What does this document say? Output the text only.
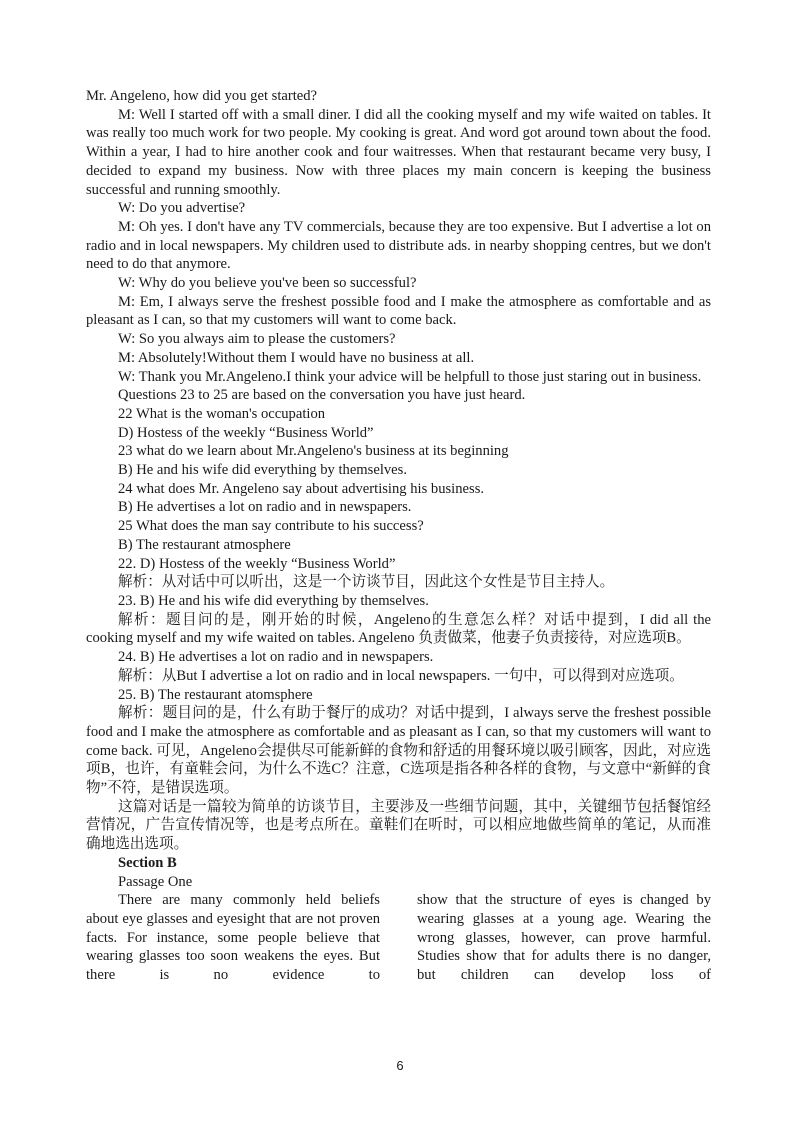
Mr. Angeleno, how did you get started?

M: Well I started off with a small diner. I did all the cooking myself and my wife waited on tables. It was really too much work for two people. My cooking is great. And word got around town about the food. Within a year, I had to hire another cook and four waitresses. When that restaurant became very busy, I decided to expand my business. Now with three places my main concern is keeping the business successful and running smoothly.

W: Do you advertise?

M: Oh yes. I don't have any TV commercials, because they are too expensive. But I advertise a lot on radio and in local newspapers. My children used to distribute ads. in nearby shopping centres, but we don't need to do that anymore.

W: Why do you believe you've been so successful?

M: Em, I always serve the freshest possible food and I make the atmosphere as comfortable and as pleasant as I can, so that my customers will want to come back.

W: So you always aim to please the customers?

M: Absolutely!Without them I would have no business at all.

W: Thank you Mr.Angeleno.I think your advice will be helpfull to those just staring out in business.

Questions 23 to 25 are based on the conversation you have just heard.

22 What is the woman's occupation

D) Hostess of the weekly “Business World”

23 what do we learn about Mr.Angeleno's business at its beginning

B) He and his wife did everything by themselves.

24 what does Mr. Angeleno say about advertising his business.

B) He advertises a lot on radio and in newspapers.

25 What does the man say contribute to his success?

B) The restaurant atmosphere

22. D) Hostess of the weekly “Business World”

解析：从对话中可以听出，这是一个访谈节目，因此这个女性是节目主持人。

23. B) He and his wife did everything by themselves.

解析：题目问的是，刚开始的时候，Angeleno的生意怎么样？对话中提到，I did all the cooking myself and my wife waited on tables. Angeleno 负责做菜，他妻子负责接待，对应选项B。

24. B) He advertises a lot on radio and in newspapers.

解析：从But I advertise a lot on radio and in local newspapers. 一句中，可以得到对应选项。

25. B) The restaurant atomsphere

解析：题目问的是，什么有助于餐厅的成功？对话中提到，I always serve the freshest possible food and I make the atmosphere as comfortable and as pleasant as I can, so that my customers will want to come back. 可见，Angeleno会提供尽可能新鲜的食物和舒适的用餐环境以吸引顾客，因此，对应选项B，也许，有童鞋会问，为什么不选C？注意，C选项是指各种各样的食物，与文意中“新鲜的食物”不符，是错误选项。

这篇对话是一篇较为简单的访谈节目，主要涉及一些细节问题，其中，关键细节包括餐馆经营情况，广告宣传情况等，也是考点所在。童鞋们在听时，可以相应地做些简单的笔记，从而准确地选出选项。

Section B

Passage One

There are many commonly held beliefs about eye glasses and eyesight that are not proven facts. For instance, some people believe that wearing glasses too soon weakens the eyes. But there is no evidence to

show that the structure of eyes is changed by wearing glasses at a young age. Wearing the wrong glasses, however, can prove harmful. Studies show that for adults there is no danger, but children can develop loss of

6
